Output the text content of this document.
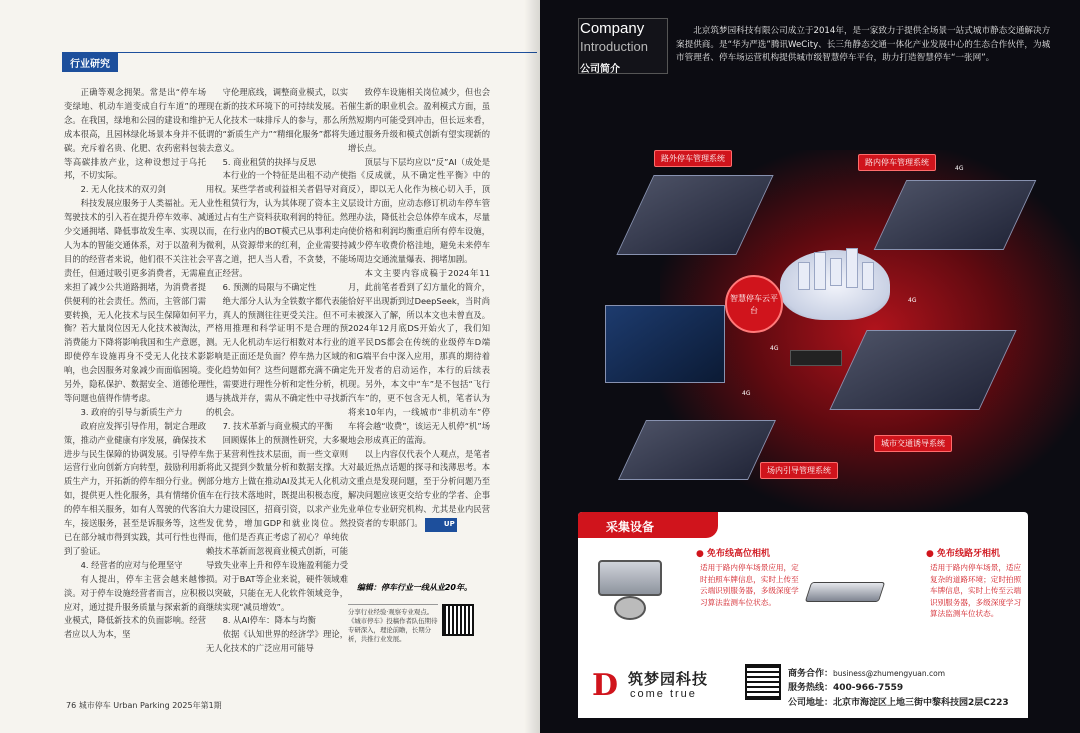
行业研究

正确等观念拥架。常是出“停车场变绿地、机动车道变成自行车道”的理念。在我国，绿地和公园的建设和维护成本很高，且园林绿化场景本身并不低碳。充斥着名贵、化肥、农药密料包装等高碳排放产业，这种设想过于乌托邦，不切实际。

2. 无人化技术的双刃剑

科技发展应服务于人类福祉。无人驾驶技术的引入若在提升停车效率、减少交通拥堵、降低事故发生率、实现以人为本的智能交通体系，对于以盈利为目的的经营者来说，他们很不关注社会责任，但通过吸引更多消费者，无需雇来担了减少公共道路拥堵，为消费者提供便利的社会责任。然而，主管部门需要转换，无人化技术与民生保障如何平衡？若大量岗位因无人化技术被淘汰，消费能力下降将影响我国和生产意愿，即使停车设施再身不受无人化技术影响，也会因服务对象减少而面临困境。另外，隐私保护、数据安全、道德伦理等问题也值得作情考虑。

3. 政府的引导与新质生产力

政府应发挥引导作用，制定合理政策，推动产业健康有序发展，确保技术进步与民生保障的协调发展。引导停车运营行业向创新方向转型，鼓励利用新质生产力，开拓新的停车细分行业。例如，提供更人性化服务，具有情绪价值的停车相关服务，如有人驾驶的代客泊车，接送服务，甚至是诉服务等，这些已在部分城市得到实践，其可行性也得到了验证。

4. 经营者的应对与伦理坚守

有人提出，停车主营会越来越惨淡。对于停车设施经营者而言，应积极应对，通过提升服务质量与探索新的商业模式，降低新技术的负面影响。经营者应以人为本，坚

守伦理底线，调整商业模式，以实现在新的技术环境下的可持续发展。若无人化技术一味排斥人的参与，那么所谓的“新质生产力”“精细化服务”都将失去意义。

5. 商业租赁的抉择与反思

本行业的一个特征是出租不动产使用权。某些学者或利益相关者倡导对商业性租赁行为，认为其体现了资本主义通过占有生产资料获取利润的特征。然而，在行业内的BOT模式已从事利走向微利，从资源带来的红利，企业需要持平喜之道，把人当人看，不贪婪，不能直正经营。

6. 预测的局限与不确定性

绝大部分人认为全铁数字都代表能力，真人的预测往往更受关注。但不可严格用推理和科学证明不是合理的预测。无人化机动车运行相数对本行业的影响是正面还是负面？停车热力区域的变化趋势如何？这些问题都充满不确定性，需要进行理性分析和定性分析，机遇与挑战并存，需从不确定性中寻找新的机会。

7. 技术革新与商业模式的平衡

回顾媒体上的预测性研究，大多聚焦于某营利性技术层面，而一些文章则将此又提到少数量分析和数据支撑。大部分地方上做在推动AI及其无人化机动车在行技术落地时，既提出积极态度，大力建设园区，招商引资，以求产业先发优势，增加GDP和就业岗位。然而，他们是否真正考虑了初心？单纯依赖技术革新而忽视商业模式创新，可能导致失业率上升和停车设施盈利能力受损。对于BAT等企业来说，硬件领域难以突破，只能在无人化软件领域竞争，继续实现“减员增效”。

8. 从AI停车：降本与均衡

依据《认知世界的经济学》理论，无人化技术的广泛应用可能导

致停车设施相关岗位减少，但也会催生新的职业机会。盈利模式方面，虽然短期内可能受到冲击，但长远来看，通过服务升级和模式创新有望实现新的增长点。

顶层与下层均应以“反”AI（成处是指《反成就，从不确定性平衡》中的反），即以无人化作为核心切入手，顶层设计方面，应动态修订机动车停车管理办法，降低社会总体停车成本，尽量使价格和利润均衡重启所有停车设施，减少停车收费价格洼地，避免未来停车场周边交通流量爆表、拥堵加剧。

本文主要内容成稿于2024年11月，此前笔者看到了幻方量化的简介，恰好平出现新到过DeepSeek，当时尚未被深入了解，所以本文也未曾直及。2024年12月底DS开始火了，我们知道平民DS都会在传统的业级停车D端和G端平台中深入应用，那真的期待着先开发者的启动运作，本行的后续表现。另外，本文中“车”是不包括“飞行汽车”的，更不包含无人机，笔者认为将来10年内，一线城市“非机动车”停车将会越“收费”，该运无人机停“机”场地会形成真正的蓝海。

以上内容仅代表个人观点，是笔者对最近热点话题的探寻和浅薄思考。本文重点是发现问题，至于分析问题乃至解决问题应该更交给专业的学者、企事业单位专业研究机构、尤其是业内民营投资者的专职部门。	UP

编辑：停车行业一线从业20年。
分享行业经验·观察专业观点。《城市停车》投稿作者队伍期待专研深入，理论前瞻，长期分析，共推行业发展。
76 城市停车 Urban Parking 2025年第1期
Company
Introduction
公司简介
北京筑梦园科技有限公司成立于2014年，是一家致力于提供全场景一站式城市静态交通解决方案提供商。是“华为严选”腾讯WeCity、长三角静态交通一体化产业发展中心的生态合作伙伴，为城市管理者、停车场运营机构提供城市级智慧停车平台，助力打造智慧停车“一张网”。
智慧停车云平台
路外停车管理系统	路内停车管理系统
城市交通诱导系统
场内引导管理系统
4G
4G
4G
4G
采集设备
● 免布线高位相机
适用于路内停车场景应用，定时拍照车牌信息，实时上传至云端识别服务器，多级深度学习算法监测车位状态。
● 免布线路牙相机
适用于路内停车场景，适应复杂的道路环境；定时拍照车牌信息，实时上传至云端识别服务器，多级深度学习算法监测车位状态。
D 筑梦园科技
come true
商务合作：business@zhumengyuan.com
服务热线：400-966-7559
公司地址：北京市海淀区上地三街中黎科技园2层C223
